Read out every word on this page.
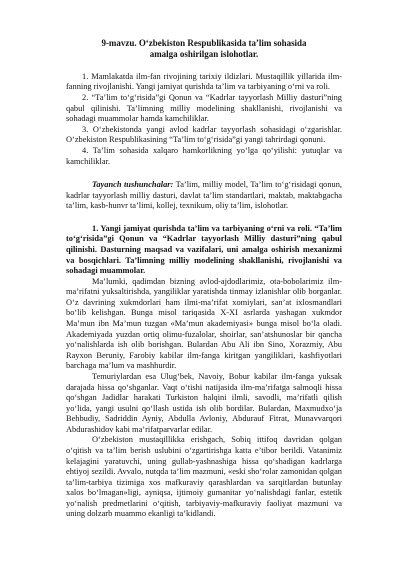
9-mavzu. O‘zbekiston Respublikasida ta’lim sohasida
amalga oshirilgan islohotlar.

1. Mamlakatda ilm-fan rivojining tarixiy ildizlari. Mustaqillik yillarida ilm-fanning rivojlanishi. Yangi jamiyat qurishda ta’lim va tarbiyaning o‘rni va roli.

2. “Ta’lim to‘g‘risida”gi Qonun va “Kadrlar tayyorlash Milliy dasturi”ning qabul qilinishi. Ta’limning milliy modelining shakllanishi, rivojlanishi va sohadagi muammolar hamda kamchiliklar.

3. O‘zbekistonda yangi avlod kadrlar tayyorlash sohasidagi o‘zgarishlar. O‘zbekiston Respublikasining “Ta’lim to‘g‘risida”gi yangi tahrirdagi qonuni.

4. Ta’lim sohasida xalqaro hamkorlikning yo‘lga qo‘yilishi: yutuqlar va kamchiliklar.

Tayanch tushunchalar: Ta’lim, milliy model, Ta’lim to‘g‘risidagi qonun, kadrlar tayyorlash milliy dasturi, davlat ta’lim standartlari, maktab, maktabgacha ta’lim, kasb-hunvr ta’limi, kollej, texnikum, oliy ta’lim, islohotlar.

1. Yangi jamiyat qurishda ta’lim va tarbiyaning o‘rni va roli. “Ta’lim to‘g‘risida”gi Qonun va “Kadrlar tayyorlash Milliy dasturi”ning qabul qilinishi. Dasturning maqsad va vazifalari, uni amalga oshirish mexanizmi va bosqichlari. Ta’limning milliy modelining shakllanishi, rivojlanishi va sohadagi muammolar.

Ma’lumki, qadimdan bizning avlod-ajdodlarimiz, ota-bobolarimiz ilm-ma’rifatni yuksaltirishda, yangiliklar yaratishda tinmay izlanishlar olib borganlar. O‘z davrining xukmdorlari ham ilmi-ma’rifat xomiylari, san’at ixlosmandlari bo‘lib kelishgan. Bunga misol tariqasida X-XI asrlarda yashagan xukmdor Ma’mun ibn Ma’mun tuzgan «Ma’mun akademiyasi» bunga misol bo‘la oladi. Akademiyada yuzdan ortiq olimu-fuzalolar, shoirlar, san’atshunoslar bir qancha yo‘nalishlarda ish olib borishgan. Bulardan Abu Ali ibn Sino, Xorazmiy, Abu Rayxon Beruniy, Farobiy kabilar ilm-fanga kiritgan yangiliklari, kashfiyotlari barchaga ma’lum va mashhurdir.

Temuriylardan esa Ulug‘bek, Navoiy, Bobur kabilar ilm-fanga yuksak darajada hissa qo‘shganlar. Vaqt o‘tishi natijasida ilm-ma’rifatga salmoqli hissa qo‘shgan Jadidlar harakati Turkiston halqini ilmli, savodli, ma’rifatli qilish yo‘lida, yangi usulni qo‘llash ustida ish olib bordilar. Bulardan, Maxmudxo‘ja Behbudiy, Sadriddin Ayniy, Abdulla Avloniy, Abdurauf Fitrat, Munavvarqori Abdurashidov kabi ma’rifatparvarlar edilar.

O‘zbekiston mustaqillikka erishgach, Sobiq ittifoq davridan qolgan o‘qitish va ta’lim berish uslubini o‘zgartirishga katta e’tibor berildi. Vatanimiz kelajagini yaratuvchi, uning gullab-yashnashiga hissa qo‘shadigan kadrlarga ehtiyoj sezildi. Avvalo, nutqda ta’lim mazmuni, «eski sho‘rolar zamonidan qolgan ta’lim-tarbiya tizimiga xos mafkuraviy qarashlardan va sarqitlardan butunlay xalos bo‘lmagan»ligi, ayniqsa, ijtimoiy gumanitar yo‘nalishdagi fanlar, estetik yo‘nalish predmetlarini o‘qitish, tarbiyaviy-mafkuraviy faoliyat mazmuni va uning dolzarb muammo ekanligi ta’kidlandi.
